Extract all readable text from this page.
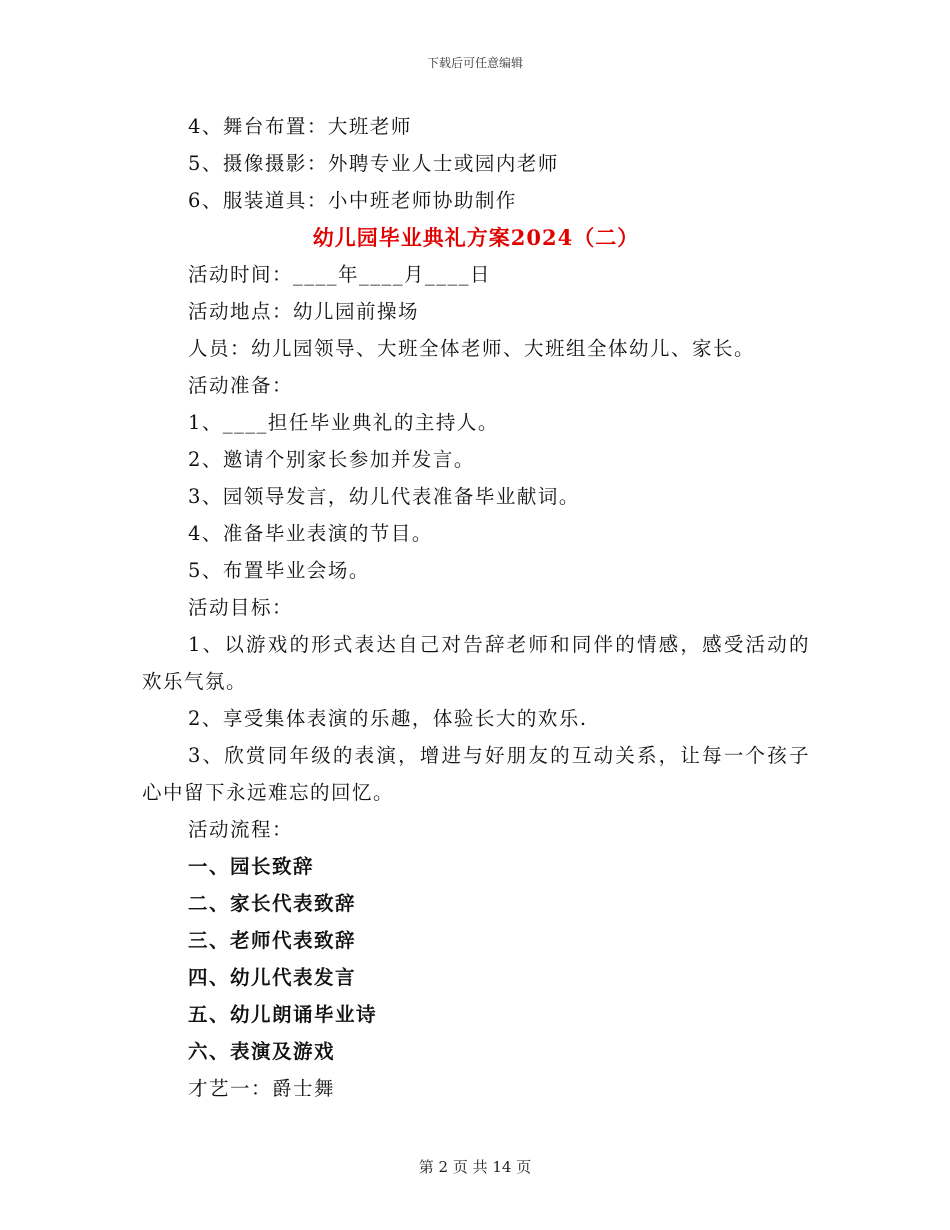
下载后可任意编辑
4、舞台布置：大班老师
5、摄像摄影：外聘专业人士或园内老师
6、服装道具：小中班老师协助制作
幼儿园毕业典礼方案2024（二）
活动时间：____年____月____日
活动地点：幼儿园前操场
人员：幼儿园领导、大班全体老师、大班组全体幼儿、家长。
活动准备：
1、____担任毕业典礼的主持人。
2、邀请个别家长参加并发言。
3、园领导发言，幼儿代表准备毕业献词。
4、准备毕业表演的节目。
5、布置毕业会场。
活动目标：
1、以游戏的形式表达自己对告辞老师和同伴的情感，感受活动的欢乐气氛。
2、享受集体表演的乐趣，体验长大的欢乐.
3、欣赏同年级的表演，增进与好朋友的互动关系，让每一个孩子心中留下永远难忘的回忆。
活动流程：
一、园长致辞
二、家长代表致辞
三、老师代表致辞
四、幼儿代表发言
五、幼儿朗诵毕业诗
六、表演及游戏
才艺一：爵士舞
第 2 页 共 14 页
